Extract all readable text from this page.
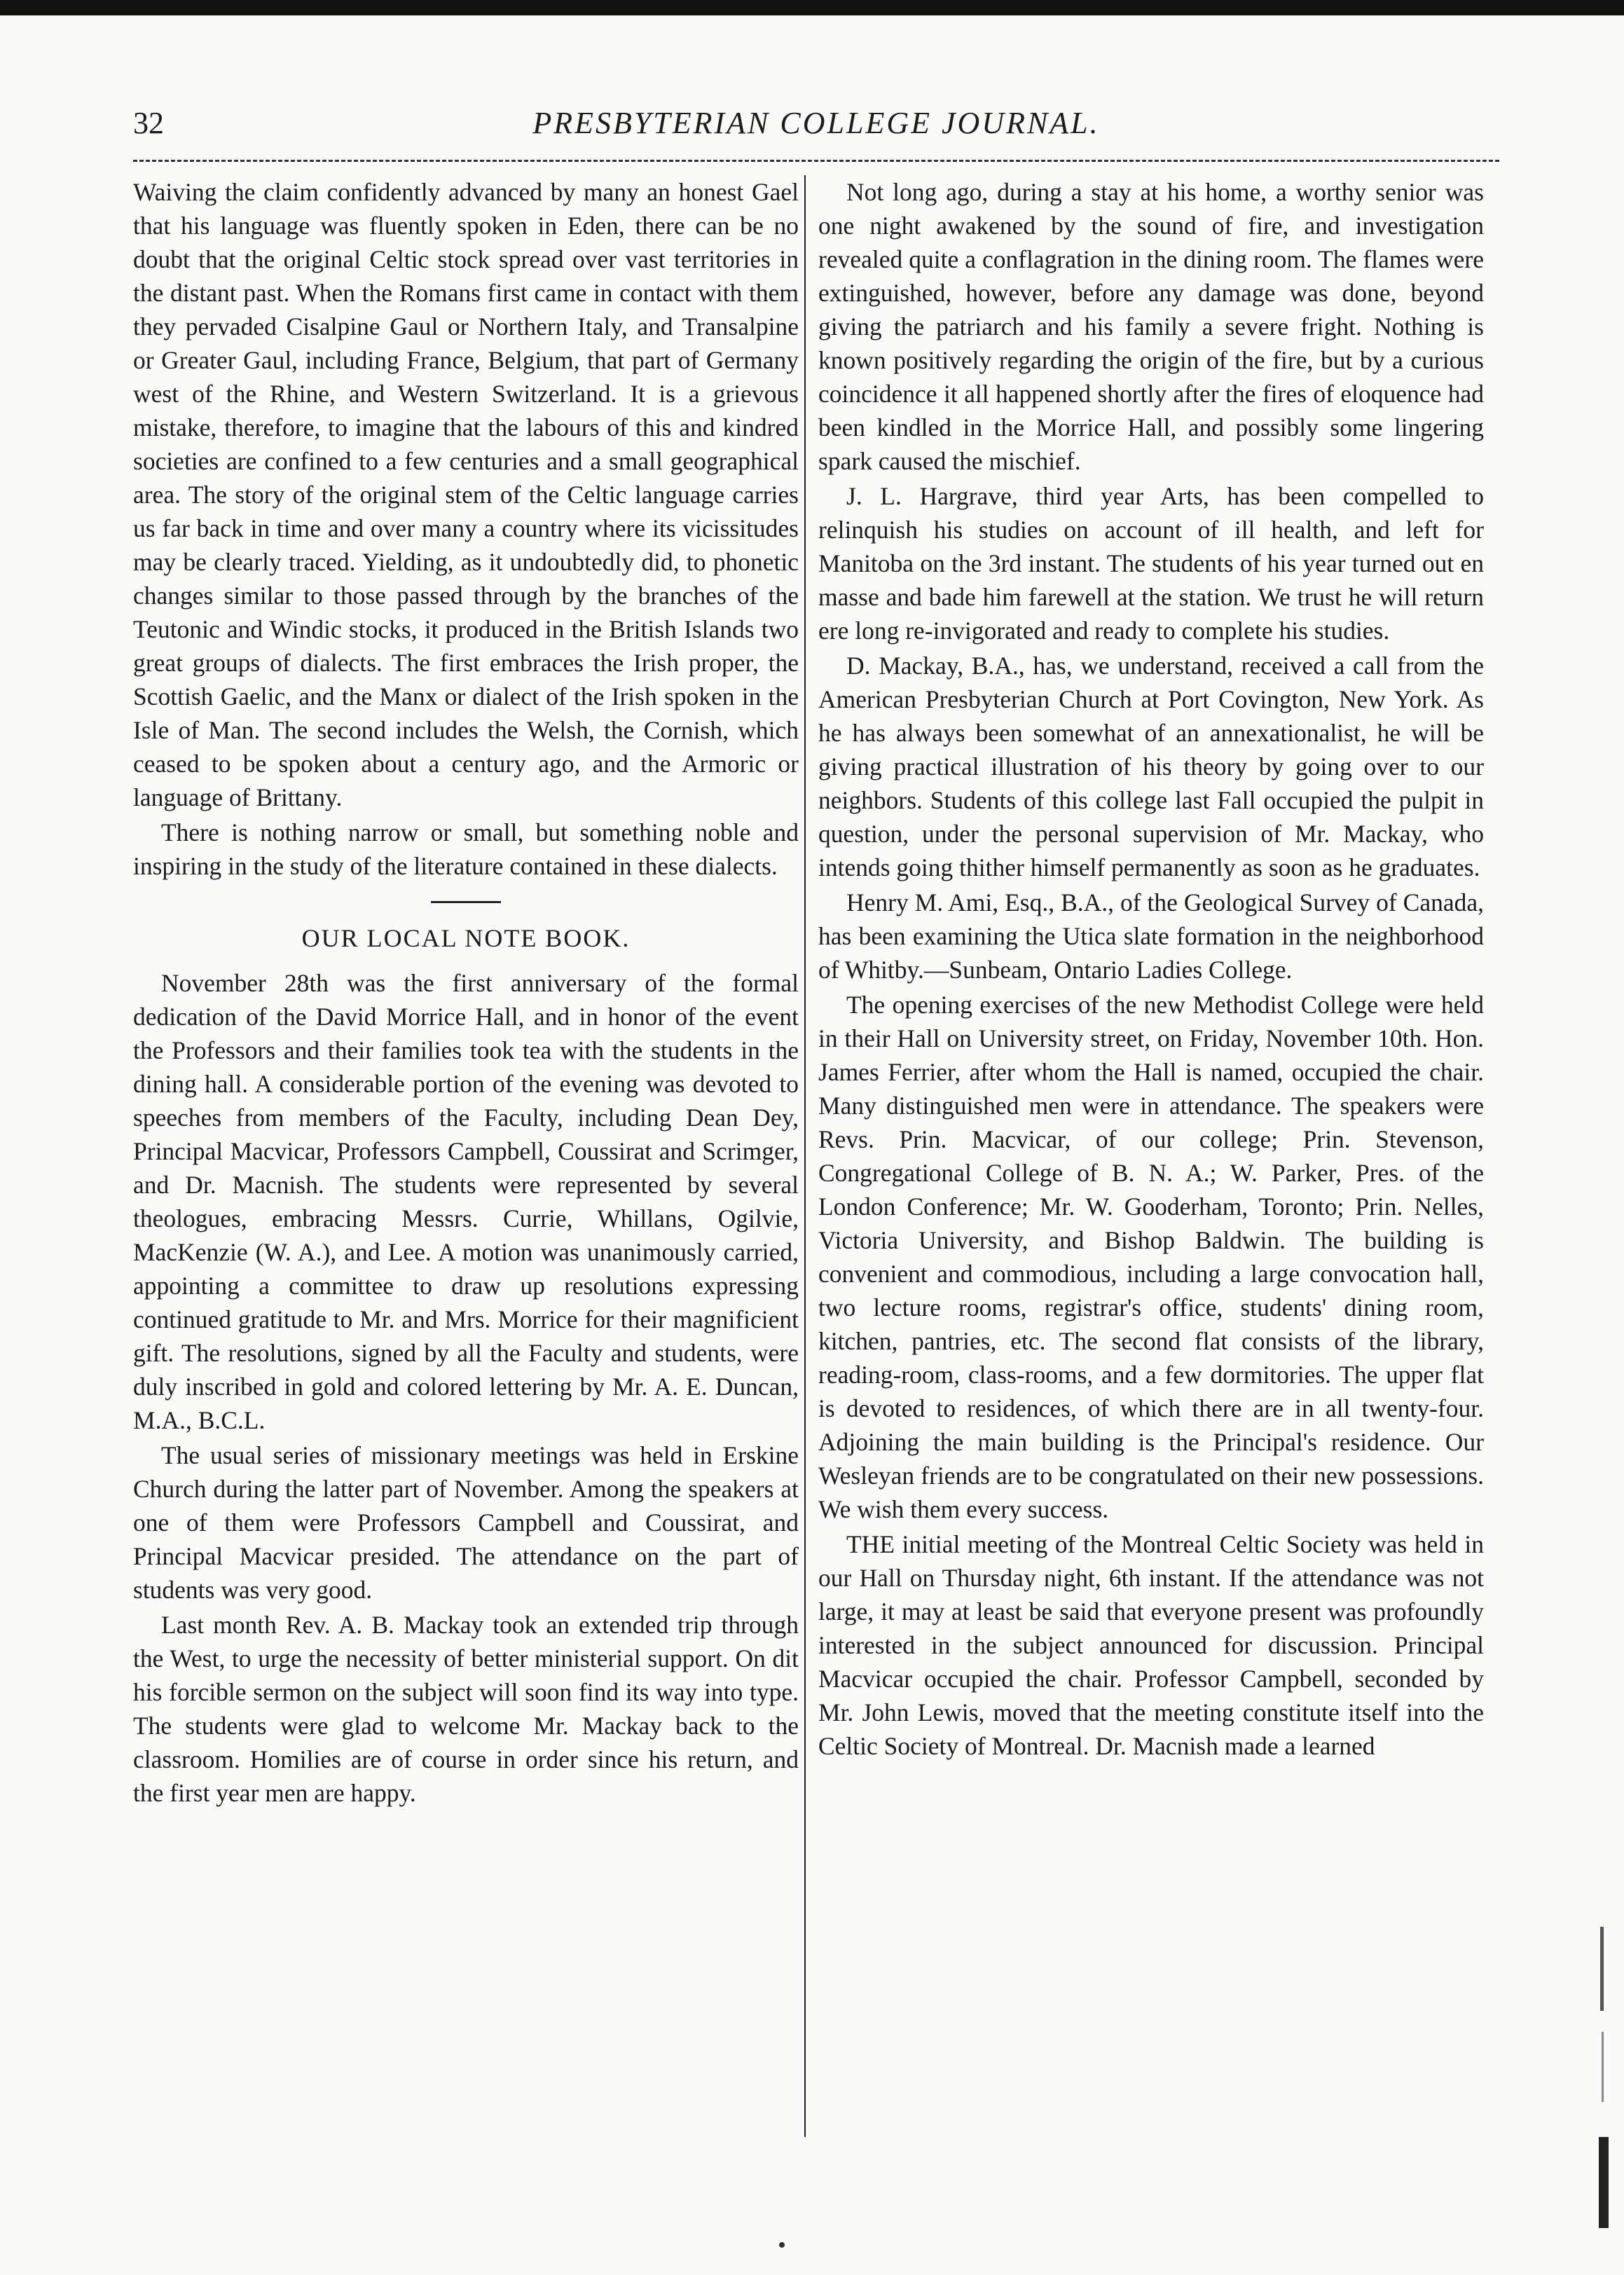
32	PRESBYTERIAN COLLEGE JOURNAL.

Waiving the claim confidently advanced by many an honest Gael that his language was fluently spoken in Eden, there can be no doubt that the original Celtic stock spread over vast territories in the distant past. When the Romans first came in contact with them they pervaded Cisalpine Gaul or Northern Italy, and Transalpine or Greater Gaul, including France, Belgium, that part of Germany west of the Rhine, and Western Switzerland. It is a grievous mistake, therefore, to imagine that the labours of this and kindred societies are confined to a few centuries and a small geographical area. The story of the original stem of the Celtic language carries us far back in time and over many a country where its vicissitudes may be clearly traced. Yielding, as it undoubtedly did, to phonetic changes similar to those passed through by the branches of the Teutonic and Windic stocks, it produced in the British Islands two great groups of dialects. The first embraces the Irish proper, the Scottish Gaelic, and the Manx or dialect of the Irish spoken in the Isle of Man. The second includes the Welsh, the Cornish, which ceased to be spoken about a century ago, and the Armoric or language of Brittany.

There is nothing narrow or small, but something noble and inspiring in the study of the literature contained in these dialects.

OUR LOCAL NOTE BOOK.

November 28th was the first anniversary of the formal dedication of the David Morrice Hall, and in honor of the event the Professors and their families took tea with the students in the dining hall. A considerable portion of the evening was devoted to speeches from members of the Faculty, including Dean Dey, Principal Macvicar, Professors Campbell, Coussirat and Scrimger, and Dr. Macnish. The students were represented by several theologues, embracing Messrs. Currie, Whillans, Ogilvie, MacKenzie (W. A.), and Lee. A motion was unanimously carried, appointing a committee to draw up resolutions expressing continued gratitude to Mr. and Mrs. Morrice for their magnificient gift. The resolutions, signed by all the Faculty and students, were duly inscribed in gold and colored lettering by Mr. A. E. Duncan, M.A., B.C.L.

The usual series of missionary meetings was held in Erskine Church during the latter part of November. Among the speakers at one of them were Professors Campbell and Coussirat, and Principal Macvicar presided. The attendance on the part of students was very good.

Last month Rev. A. B. Mackay took an extended trip through the West, to urge the necessity of better ministerial support. On dit his forcible sermon on the subject will soon find its way into type. The students were glad to welcome Mr. Mackay back to the classroom. Homilies are of course in order since his return, and the first year men are happy.

Not long ago, during a stay at his home, a worthy senior was one night awakened by the sound of fire, and investigation revealed quite a conflagration in the dining room. The flames were extinguished, however, before any damage was done, beyond giving the patriarch and his family a severe fright. Nothing is known positively regarding the origin of the fire, but by a curious coincidence it all happened shortly after the fires of eloquence had been kindled in the Morrice Hall, and possibly some lingering spark caused the mischief.

J. L. Hargrave, third year Arts, has been compelled to relinquish his studies on account of ill health, and left for Manitoba on the 3rd instant. The students of his year turned out en masse and bade him farewell at the station. We trust he will return ere long re-invigorated and ready to complete his studies.

D. Mackay, B.A., has, we understand, received a call from the American Presbyterian Church at Port Covington, New York. As he has always been somewhat of an annexationalist, he will be giving practical illustration of his theory by going over to our neighbors. Students of this college last Fall occupied the pulpit in question, under the personal supervision of Mr. Mackay, who intends going thither himself permanently as soon as he graduates.

Henry M. Ami, Esq., B.A., of the Geological Survey of Canada, has been examining the Utica slate formation in the neighborhood of Whitby.—Sunbeam, Ontario Ladies College.

The opening exercises of the new Methodist College were held in their Hall on University street, on Friday, November 10th. Hon. James Ferrier, after whom the Hall is named, occupied the chair. Many distinguished men were in attendance. The speakers were Revs. Prin. Macvicar, of our college; Prin. Stevenson, Congregational College of B. N. A.; W. Parker, Pres. of the London Conference; Mr. W. Gooderham, Toronto; Prin. Nelles, Victoria University, and Bishop Baldwin. The building is convenient and commodious, including a large convocation hall, two lecture rooms, registrar's office, students' dining room, kitchen, pantries, etc. The second flat consists of the library, reading-room, class-rooms, and a few dormitories. The upper flat is devoted to residences, of which there are in all twenty-four. Adjoining the main building is the Principal's residence. Our Wesleyan friends are to be congratulated on their new possessions. We wish them every success.

THE initial meeting of the Montreal Celtic Society was held in our Hall on Thursday night, 6th instant. If the attendance was not large, it may at least be said that everyone present was profoundly interested in the subject announced for discussion. Principal Macvicar occupied the chair. Professor Campbell, seconded by Mr. John Lewis, moved that the meeting constitute itself into the Celtic Society of Montreal. Dr. Macnish made a learned
